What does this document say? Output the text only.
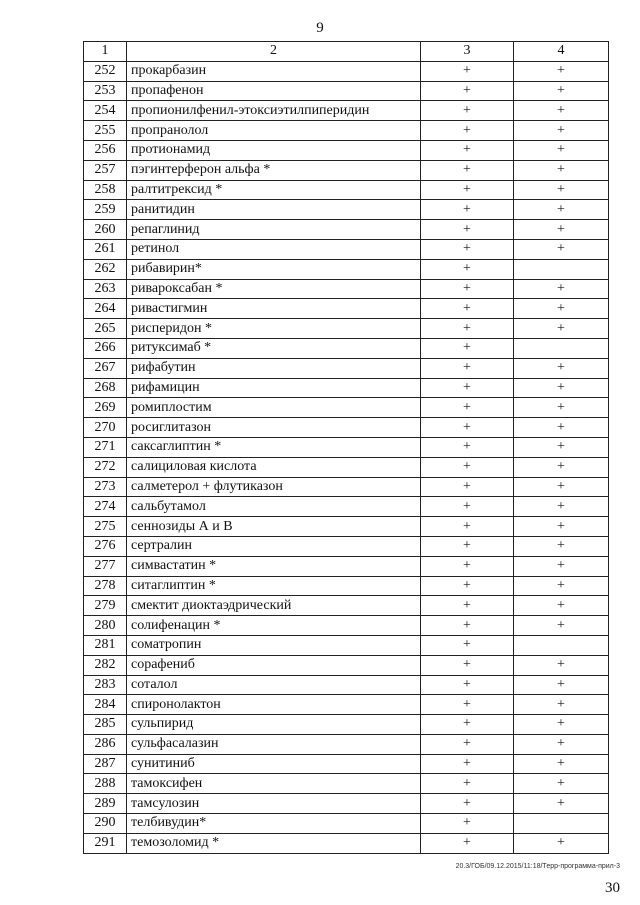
9
1	2	3	4
252	прокарбазин	+	+
253	пропафенон	+	+
254	пропионилфенил-этоксиэтилпиперидин	+	+
255	пропранолол	+	+
256	протионамид	+	+
257	пэгинтерферон альфа *	+	+
258	ралтитрексид *	+	+
259	ранитидин	+	+
260	репаглинид	+	+
261	ретинол	+	+
262	рибавирин*	+	
263	ривароксабан *	+	+
264	ривастигмин	+	+
265	рисперидон *	+	+
266	ритуксимаб *	+	
267	рифабутин	+	+
268	рифамицин	+	+
269	ромиплостим	+	+
270	росиглитазон	+	+
271	саксаглиптин *	+	+
272	салициловая кислота	+	+
273	салметерол + флутиказон	+	+
274	сальбутамол	+	+
275	сеннозиды А и В	+	+
276	сертралин	+	+
277	симвастатин *	+	+
278	ситаглиптин *	+	+
279	смектит диоктаэдрический	+	+
280	солифенацин *	+	+
281	соматропин	+	
282	сорафениб	+	+
283	соталол	+	+
284	спиронолактон	+	+
285	сульпирид	+	+
286	сульфасалазин	+	+
287	сунитиниб	+	+
288	тамоксифен	+	+
289	тамсулозин	+	+
290	телбивудин*	+	
291	темозоломид *	+	+
20.3/ГОБ/09.12.2015/11:18/Терр-программа-прил-3
30
